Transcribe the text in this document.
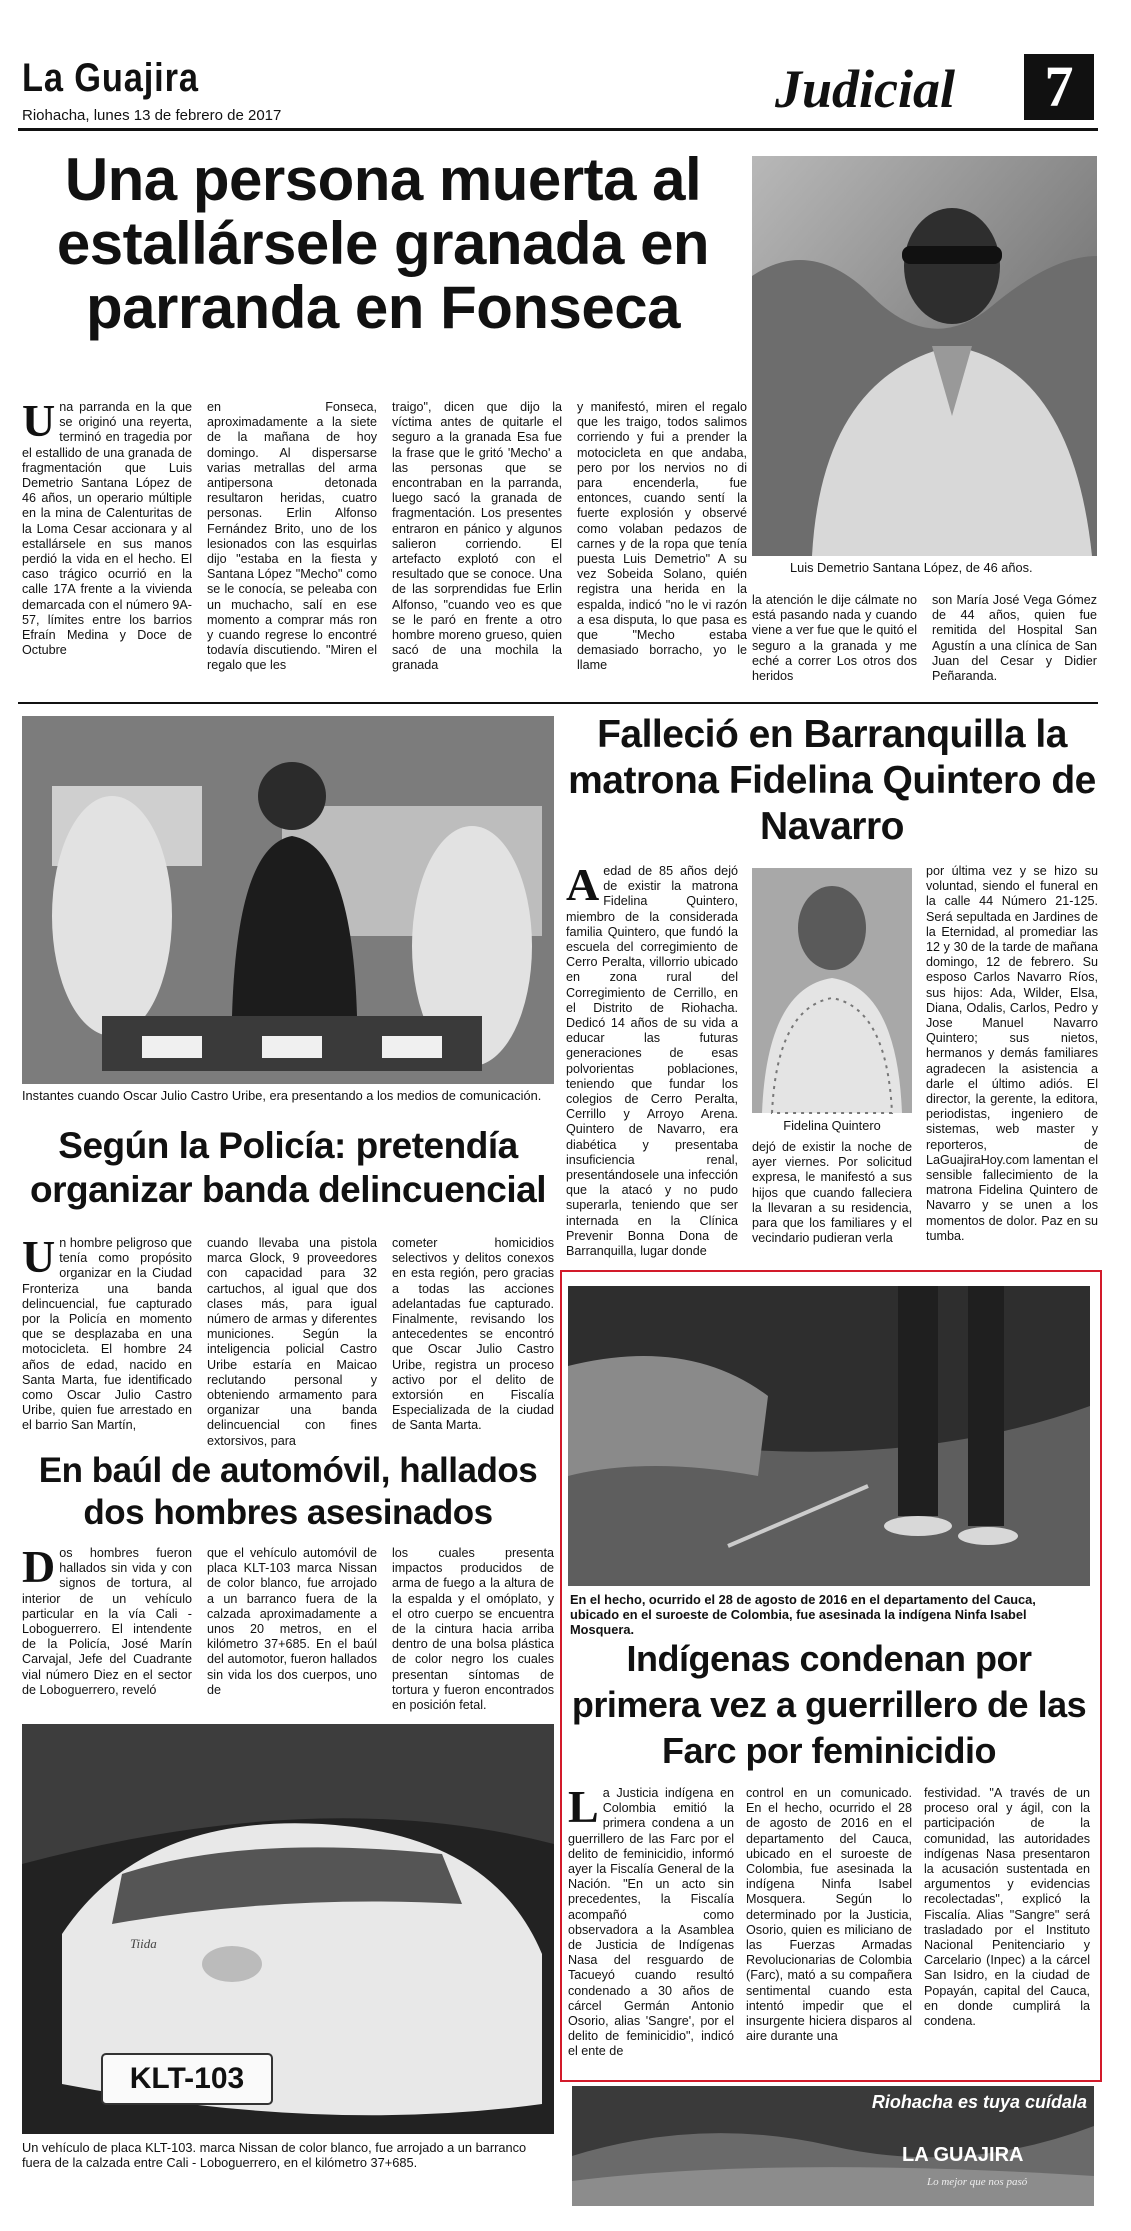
La Guajira
Riohacha, lunes 13 de febrero de 2017	Judicial	7
Una persona muerta al estallársele granada en parranda en Fonseca
Luis Demetrio Santana López, de 46 años.
Una parranda en la que se originó una reyerta, terminó en tragedia por el estallido de una granada de fragmentación que Luis Demetrio Santana López de 46 años, un operario múltiple en la mina de Calenturitas de la Loma Cesar accionara y al estallársele en sus manos perdió la vida en el hecho. El caso trágico ocurrió en la calle 17A frente a la vivienda demarcada con el número 9A-57, límites entre los barrios Efraín Medina y Doce de Octubre
en Fonseca, aproximadamente a la siete de la mañana de hoy domingo. Al dispersarse varias metrallas del arma antipersona detonada resultaron heridas, cuatro personas. Erlin Alfonso Fernández Brito, uno de los lesionados con las esquirlas dijo "estaba en la fiesta y Santana López "Mecho" como se le conocía, se peleaba con un muchacho, salí en ese momento a comprar más ron y cuando regrese lo encontré todavía discutiendo. "Miren el regalo que les
traigo", dicen que dijo la víctima antes de quitarle el seguro a la granada Esa fue la frase que le gritó 'Mecho' a las personas que se encontraban en la parranda, luego sacó la granada de fragmentación. Los presentes entraron en pánico y algunos salieron corriendo. El artefacto explotó con el resultado que se conoce. Una de las sorprendidas fue Erlin Alfonso, "cuando veo es que se le paró en frente a otro hombre moreno grueso, quien sacó de una mochila la granada
y manifestó, miren el regalo que les traigo, todos salimos corriendo y fui a prender la motocicleta en que andaba, pero por los nervios no di para encenderla, fue entonces, cuando sentí la fuerte explosión y observé como volaban pedazos de carnes y de la ropa que tenía puesta Luis Demetrio" A su vez Sobeida Solano, quién registra una herida en la espalda, indicó "no le vi razón a esa disputa, lo que pasa es que "Mecho estaba demasiado borracho, yo le llame
la atención le dije cálmate no está pasando nada y cuando viene a ver fue que le quitó el seguro a la granada y me eché a correr Los otros dos heridos
son María José Vega Gómez de 44 años, quien fue remitida del Hospital San Agustín a una clínica de San Juan del Cesar y Didier Peñaranda.
Instantes cuando Oscar Julio Castro Uribe, era presentando a los medios de comunicación.
Según la Policía: pretendía organizar banda delincuencial
Un hombre peligroso que tenía como propósito organizar en la Ciudad Fronteriza una banda delincuencial, fue capturado por la Policía en momento que se desplazaba en una motocicleta. El hombre 24 años de edad, nacido en Santa Marta, fue identificado como Oscar Julio Castro Uribe, quien fue arrestado en el barrio San Martín,
cuando llevaba una pistola marca Glock, 9 proveedores con capacidad para 32 cartuchos, al igual que dos clases más, para igual número de armas y diferentes municiones. Según la inteligencia policial Castro Uribe estaría en Maicao reclutando personal y obteniendo armamento para organizar una banda delincuencial con fines extorsivos, para
cometer homicidios selectivos y delitos conexos en esta región, pero gracias a todas las acciones adelantadas fue capturado. Finalmente, revisando los antecedentes se encontró que Oscar Julio Castro Uribe, registra un proceso activo por el delito de extorsión en Fiscalía Especializada de la ciudad de Santa Marta.
Falleció en Barranquilla la matrona Fidelina Quintero de Navarro
Aedad de 85 años dejó de existir la matrona Fidelina Quintero, miembro de la considerada familia Quintero, que fundó la escuela del corregimiento de Cerro Peralta, villorrio ubicado en zona rural del Corregimiento de Cerrillo, en el Distrito de Riohacha. Dedicó 14 años de su vida a educar las futuras generaciones de esas polvorientas poblaciones, teniendo que fundar los colegios de Cerro Peralta, Cerrillo y Arroyo Arena. Quintero de Navarro, era diabética y presentaba insuficiencia renal, presentándosele una infección que la atacó y no pudo superarla, teniendo que ser internada en la Clínica Prevenir Bonna Dona de Barranquilla, lugar donde
Fidelina Quintero
dejó de existir la noche de ayer viernes. Por solicitud expresa, le manifestó a sus hijos que cuando falleciera la llevaran a su residencia, para que los familiares y el vecindario pudieran verla
por última vez y se hizo su voluntad, siendo el funeral en la calle 44 Número 21-125. Será sepultada en Jardines de la Eternidad, al promediar las 12 y 30 de la tarde de mañana domingo, 12 de febrero. Su esposo Carlos Navarro Ríos, sus hijos: Ada, Wilder, Elsa, Diana, Odalis, Carlos, Pedro y Jose Manuel Navarro Quintero; sus nietos, hermanos y demás familiares agradecen la asistencia a darle el último adiós. El director, la gerente, la editora, periodistas, ingeniero de sistemas, web master y reporteros, de LaGuajiraHoy.com lamentan el sensible fallecimiento de la matrona Fidelina Quintero de Navarro y se unen a los momentos de dolor. Paz en su tumba.
En baúl de automóvil, hallados dos hombres asesinados
Dos hombres fueron hallados sin vida y con signos de tortura, al interior de un vehículo particular en la vía Cali - Loboguerrero. El intendente de la Policía, José Marín Carvajal, Jefe del Cuadrante vial número Diez en el sector de Loboguerrero, reveló
que el vehículo automóvil de placa KLT-103 marca Nissan de color blanco, fue arrojado a un barranco fuera de la calzada aproximadamente a unos 20 metros, en el kilómetro 37+685. En el baúl del automotor, fueron hallados sin vida los dos cuerpos, uno de
los cuales presenta impactos producidos de arma de fuego a la altura de la espalda y el omóplato, y el otro cuerpo se encuentra de la cintura hacia arriba dentro de una bolsa plástica de color negro los cuales presentan síntomas de tortura y fueron encontrados en posición fetal.
KLT-103
Tiida
Un vehículo de placa KLT-103. marca Nissan de color blanco, fue arrojado a un barranco fuera de la calzada entre Cali - Loboguerrero, en el kilómetro 37+685.
En el hecho, ocurrido el 28 de agosto de 2016 en el departamento del Cauca, ubicado en el suroeste de Colombia, fue asesinada la indígena Ninfa Isabel Mosquera.
Indígenas condenan por primera vez a guerrillero de las Farc por feminicidio
La Justicia indígena en Colombia emitió la primera condena a un guerrillero de las Farc por el delito de feminicidio, informó ayer la Fiscalía General de la Nación. "En un acto sin precedentes, la Fiscalía acompañó como observadora a la Asamblea de Justicia de Indígenas Nasa del resguardo de Tacueyó cuando resultó condenado a 30 años de cárcel Germán Antonio Osorio, alias 'Sangre', por el delito de feminicidio", indicó el ente de
control en un comunicado. En el hecho, ocurrido el 28 de agosto de 2016 en el departamento del Cauca, ubicado en el suroeste de Colombia, fue asesinada la indígena Ninfa Isabel Mosquera. Según lo determinado por la Justicia, Osorio, quien es miliciano de las Fuerzas Armadas Revolucionarias de Colombia (Farc), mató a su compañera sentimental cuando esta intentó impedir que el insurgente hiciera disparos al aire durante una
festividad. "A través de un proceso oral y ágil, con la participación de la comunidad, las autoridades indígenas Nasa presentaron la acusación sustentada en argumentos y evidencias recolectadas", explicó la Fiscalía. Alias "Sangre" será trasladado por el Instituto Nacional Penitenciario y Carcelario (Inpec) a la cárcel San Isidro, en la ciudad de Popayán, capital del Cauca, en donde cumplirá la condena.
Riohacha es tuya cuídala
LA GUAJIRA
Lo mejor que nos pasó
